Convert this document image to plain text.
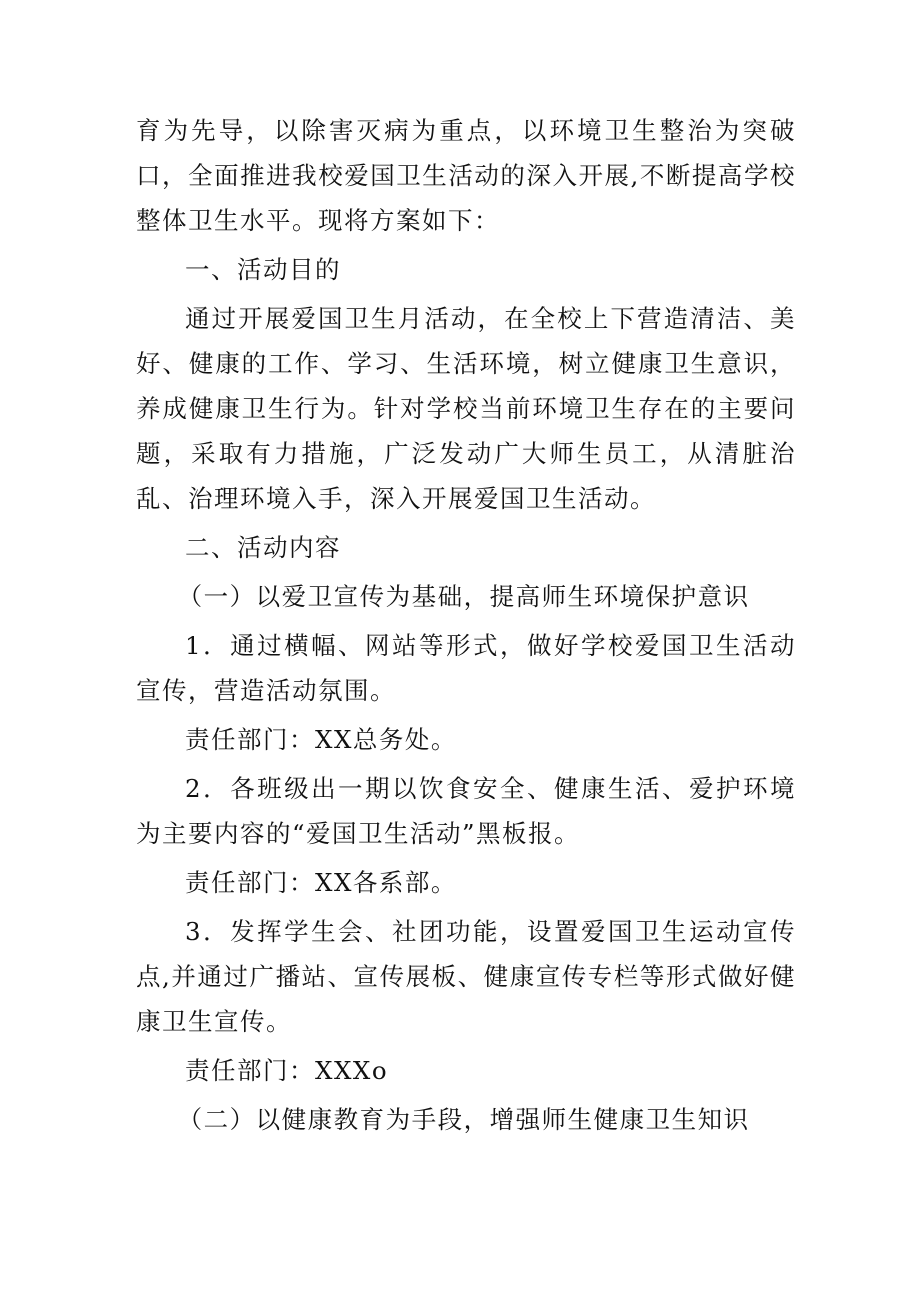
育为先导，以除害灭病为重点，以环境卫生整治为突破口，全面推进我校爱国卫生活动的深入开展,不断提高学校整体卫生水平。现将方案如下：

一、活动目的

通过开展爱国卫生月活动，在全校上下营造清洁、美好、健康的工作、学习、生活环境，树立健康卫生意识，养成健康卫生行为。针对学校当前环境卫生存在的主要问题，采取有力措施，广泛发动广大师生员工，从清脏治乱、治理环境入手，深入开展爱国卫生活动。

二、活动内容

（一）以爱卫宣传为基础，提高师生环境保护意识

1．通过横幅、网站等形式，做好学校爱国卫生活动宣传，营造活动氛围。

责任部门：XX总务处。

2．各班级出一期以饮食安全、健康生活、爱护环境为主要内容的“爱国卫生活动”黑板报。

责任部门：XX各系部。

3．发挥学生会、社团功能，设置爱国卫生运动宣传点,并通过广播站、宣传展板、健康宣传专栏等形式做好健康卫生宣传。

责任部门：XXXo

（二）以健康教育为手段，增强师生健康卫生知识
